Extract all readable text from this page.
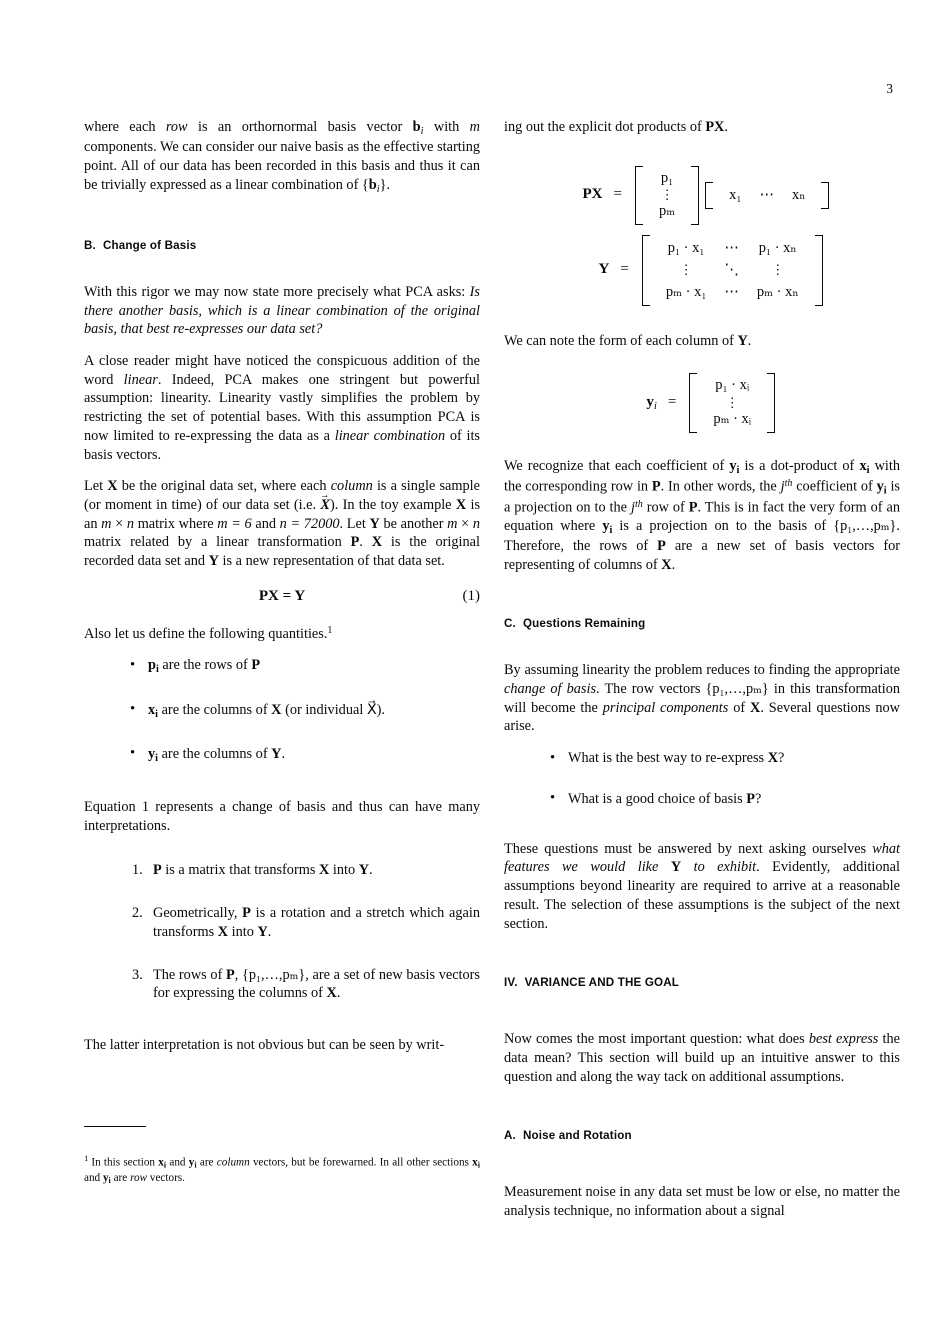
3

where each row is an orthornormal basis vector bi with m components. We can consider our naive basis as the effective starting point. All of our data has been recorded in this basis and thus it can be trivially expressed as a linear combination of {bi}.

B. Change of Basis

With this rigor we may now state more precisely what PCA asks: Is there another basis, which is a linear combination of the original basis, that best re-expresses our data set?

A close reader might have noticed the conspicuous addition of the word linear. Indeed, PCA makes one stringent but powerful assumption: linearity. Linearity vastly simplifies the problem by restricting the set of potential bases. With this assumption PCA is now limited to re-expressing the data as a linear combination of its basis vectors.

Let X be the original data set, where each column is a single sample (or moment in time) of our data set (i.e. X →). In the toy example X is an m × n matrix where m = 6 and n = 72000. Let Y be another m × n matrix related by a linear transformation P. X is the original recorded data set and Y is a new representation of that data set.

PX = Y	(1)

Also let us define the following quantities.$^1$

• $p_i$ are the rows of P
• $x_i$ are the columns of X (or individual X⃗).
• $y_i$ are the columns of Y.

Equation 1 represents a change of basis and thus can have many interpretations.

P is a matrix that transforms X into Y.
Geometrically, P is a rotation and a stretch which again transforms X into Y.
The rows of P, {p₁,…,pₘ}, are a set of new basis vectors for expressing the columns of X.

The latter interpretation is not obvious but can be seen by writ-

$^1$ In this section $x_i$ and $y_i$ are column vectors, but be forewarned. In all other sections $x_i$ and $y_i$ are row vectors.

ing out the explicit dot products of PX.

PX =
p₁
⋮
pₘ
x₁	⋯	xₙ
Y =
p₁ · x₁	⋯	p₁ · xₙ
⋮	⋱	⋮
pₘ · x₁	⋯	pₘ · xₙ

We can note the form of each column of Y.

yi =
p₁ · xᵢ
⋮
pₘ · xᵢ

We recognize that each coefficient of $y_i$ is a dot-product of $x_i$ with the corresponding row in P. In other words, the $j^{th}$ coefficient of $y_i$ is a projection on to the $j^{th}$ row of P. This is in fact the very form of an equation where $y_i$ is a projection on to the basis of {p₁,…,pₘ}. Therefore, the rows of P are a new set of basis vectors for representing of columns of X.

C. Questions Remaining

By assuming linearity the problem reduces to finding the appropriate change of basis. The row vectors {p₁,…,pₘ} in this transformation will become the principal components of X. Several questions now arise.

• What is the best way to re-express X?
• What is a good choice of basis P?

These questions must be answered by next asking ourselves what features we would like Y to exhibit. Evidently, additional assumptions beyond linearity are required to arrive at a reasonable result. The selection of these assumptions is the subject of the next section.

IV. VARIANCE AND THE GOAL

Now comes the most important question: what does best express the data mean? This section will build up an intuitive answer to this question and along the way tack on additional assumptions.

A. Noise and Rotation

Measurement noise in any data set must be low or else, no matter the analysis technique, no information about a signal
